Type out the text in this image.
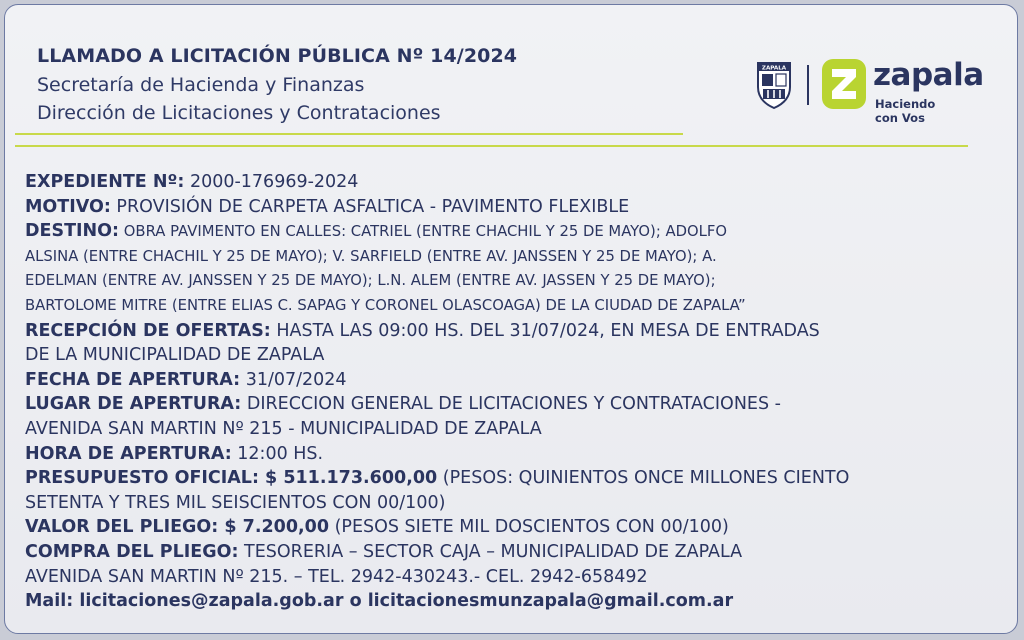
LLAMADO A LICITACIÓN PÚBLICA Nº 14/2024
Secretaría de Hacienda y Finanzas
Dirección de Licitaciones y Contrataciones
ZAPALA	zapala
Haciendo con Vos
EXPEDIENTE Nº: 2000-176969-2024
MOTIVO: PROVISIÓN DE CARPETA ASFALTICA - PAVIMENTO FLEXIBLE
DESTINO: OBRA PAVIMENTO EN CALLES: CATRIEL (ENTRE CHACHIL Y 25 DE MAYO); ADOLFO
ALSINA (ENTRE CHACHIL Y 25 DE MAYO); V. SARFIELD (ENTRE AV. JANSSEN Y 25 DE MAYO); A.
EDELMAN (ENTRE AV. JANSSEN Y 25 DE MAYO); L.N. ALEM (ENTRE AV. JASSEN Y 25 DE MAYO);
BARTOLOME MITRE (ENTRE ELIAS C. SAPAG Y CORONEL OLASCOAGA) DE LA CIUDAD DE ZAPALA”
RECEPCIÓN DE OFERTAS: HASTA LAS 09:00 HS. DEL 31/07/024, EN MESA DE ENTRADAS
DE LA MUNICIPALIDAD DE ZAPALA
FECHA DE APERTURA: 31/07/2024
LUGAR DE APERTURA: DIRECCION GENERAL DE LICITACIONES Y CONTRATACIONES -
AVENIDA SAN MARTIN Nº 215 - MUNICIPALIDAD DE ZAPALA
HORA DE APERTURA: 12:00 HS.
PRESUPUESTO OFICIAL: $ 511.173.600,00 (PESOS: QUINIENTOS ONCE MILLONES CIENTO
SETENTA Y TRES MIL SEISCIENTOS CON 00/100)
VALOR DEL PLIEGO: $ 7.200,00 (PESOS SIETE MIL DOSCIENTOS CON 00/100)
COMPRA DEL PLIEGO: TESORERIA – SECTOR CAJA – MUNICIPALIDAD DE ZAPALA
AVENIDA SAN MARTIN Nº 215. – TEL. 2942-430243.- CEL. 2942-658492
Mail: licitaciones@zapala.gob.ar o licitacionesmunzapala@gmail.com.ar
